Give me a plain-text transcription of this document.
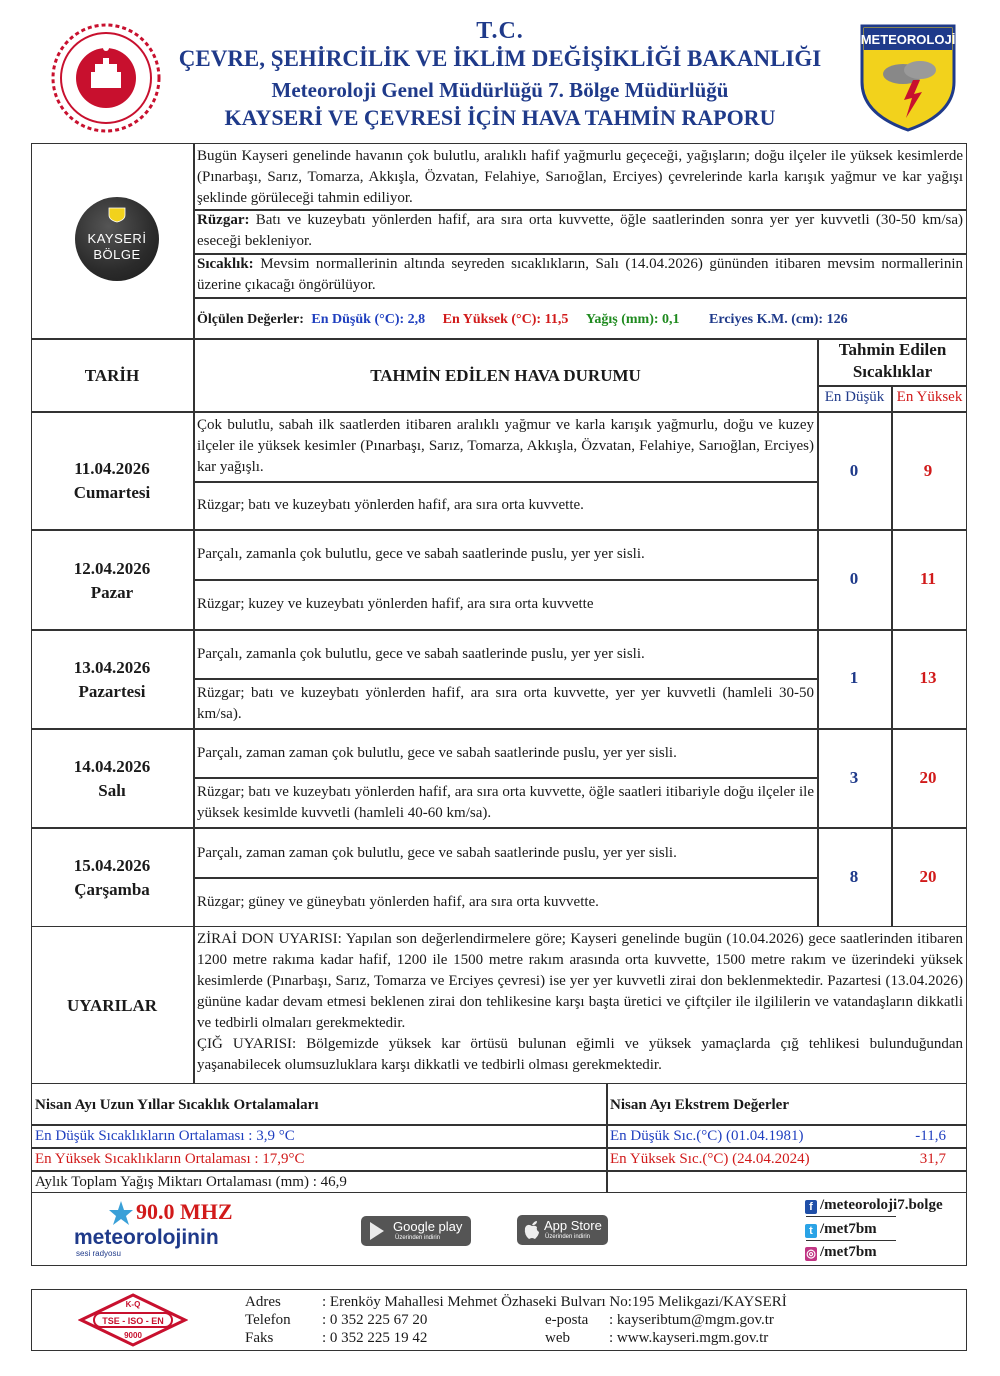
T.C.
ÇEVRE, ŞEHİRCİLİK VE İKLİM DEĞİŞİKLİĞİ BAKANLIĞI
Meteoroloji Genel Müdürlüğü 7. Bölge Müdürlüğü
KAYSERİ VE ÇEVRESİ İÇİN HAVA TAHMİN RAPORU
METEOROLOJİ
KAYSERİ
BÖLGE
Bugün Kayseri genelinde havanın çok bulutlu, aralıklı hafif yağmurlu geçeceği, yağışların; doğu ilçeler ile yüksek kesimlerde (Pınarbaşı, Sarız, Tomarza, Akkışla, Özvatan, Felahiye, Sarıoğlan, Erciyes) çevrelerinde karla karışık yağmur ve kar yağışı şeklinde görüleceği tahmin ediliyor.
Rüzgar: Batı ve kuzeybatı yönlerden hafif, ara sıra orta kuvvette, öğle saatlerinden sonra yer yer kuvvetli (30-50 km/sa) eseceği bekleniyor.
Sıcaklık: Mevsim normallerinin altında seyreden sıcaklıkların, Salı (14.04.2026) gününden itibaren mevsim normallerinin üzerine çıkacağı öngörülüyor.
Ölçülen Değerler: En Düşük (°C): 2,8 En Yüksek (°C): 11,5 Yağış (mm): 0,1 Erciyes K.M. (cm): 126
TARİH	TAHMİN EDİLEN HAVA DURUMU
Tahmin Edilen Sıcaklıklar
En Düşük En Yüksek
11.04.2026
Cumartesi
Çok bulutlu, sabah ilk saatlerden itibaren aralıklı yağmur ve karla karışık yağmurlu, doğu ve kuzey ilçeler ile yüksek kesimler (Pınarbaşı, Sarız, Tomarza, Akkışla, Özvatan, Felahiye, Sarıoğlan, Erciyes) kar yağışlı.
Rüzgar; batı ve kuzeybatı yönlerden hafif, ara sıra orta kuvvette.
0	9
12.04.2026
Pazar
Parçalı, zamanla çok bulutlu, gece ve sabah saatlerinde puslu, yer yer sisli.
Rüzgar; kuzey ve kuzeybatı yönlerden hafif, ara sıra orta kuvvette
0	11
13.04.2026
Pazartesi
Parçalı, zamanla çok bulutlu, gece ve sabah saatlerinde puslu, yer yer sisli.
Rüzgar; batı ve kuzeybatı yönlerden hafif, ara sıra orta kuvvette, yer yer kuvvetli (hamleli 30-50 km/sa).
1	13
14.04.2026
Salı
Parçalı, zaman zaman çok bulutlu, gece ve sabah saatlerinde puslu, yer yer sisli.
Rüzgar; batı ve kuzeybatı yönlerden hafif, ara sıra orta kuvvette, öğle saatleri itibariyle doğu ilçeler ile yüksek kesimlde kuvvetli (hamleli 40-60 km/sa).
3	20
15.04.2026
Çarşamba
Parçalı, zaman zaman çok bulutlu, gece ve sabah saatlerinde puslu, yer yer sisli.
Rüzgar; güney ve güneybatı yönlerden hafif, ara sıra orta kuvvette.
8	20
UYARILAR
ZİRAİ DON UYARISI: Yapılan son değerlendirmelere göre; Kayseri genelinde bugün (10.04.2026) gece saatlerinden itibaren 1200 metre rakıma kadar hafif, 1200 ile 1500 metre rakım arasında orta kuvvette, 1500 metre rakım ve üzerindeki yüksek kesimlerde (Pınarbaşı, Sarız, Tomarza ve Erciyes çevresi) ise yer yer kuvvetli zirai don beklenmektedir. Pazartesi (13.04.2026) gününe kadar devam etmesi beklenen zirai don tehlikesine karşı başta üretici ve çiftçiler ile ilgililerin ve vatandaşların dikkatli ve tedbirli olmaları gerekmektedir.
ÇIĞ UYARISI: Bölgemizde yüksek kar örtüsü bulunan eğimli ve yüksek yamaçlarda çığ tehlikesi bulunduğundan yaşanabilecek olumsuzluklara karşı dikkatli ve tedbirli olması gerekmektedir.
Nisan Ayı Uzun Yıllar Sıcaklık Ortalamaları
En Düşük Sıcaklıkların Ortalaması : 3,9 °C
En Yüksek Sıcaklıkların Ortalaması : 17,9°C
Aylık Toplam Yağış Miktarı Ortalaması (mm) : 46,9
Nisan Ayı Ekstrem Değerler
En Düşük Sıc.(°C) (01.04.1981)	-11,6
En Yüksek Sıc.(°C) (24.04.2024)	31,7
90.0 MHZ
meteorolojinin
sesi radyosu
Google play
Üzerinden indirin
App Store
Üzerinden indirin
f /meteoroloji7.bolge
t /met7bm
◎ /met7bm
K-Q
TSE - ISO - EN
9000
Adres	: Erenköy Mahallesi Mehmet Özhaseki Bulvarı No:195 Melikgazi/KAYSERİ
Telefon : 0 352 225 67 20
Faks	: 0 352 225 19 42
e-posta : kayseribtum@mgm.gov.tr
web	: www.kayseri.mgm.gov.tr
